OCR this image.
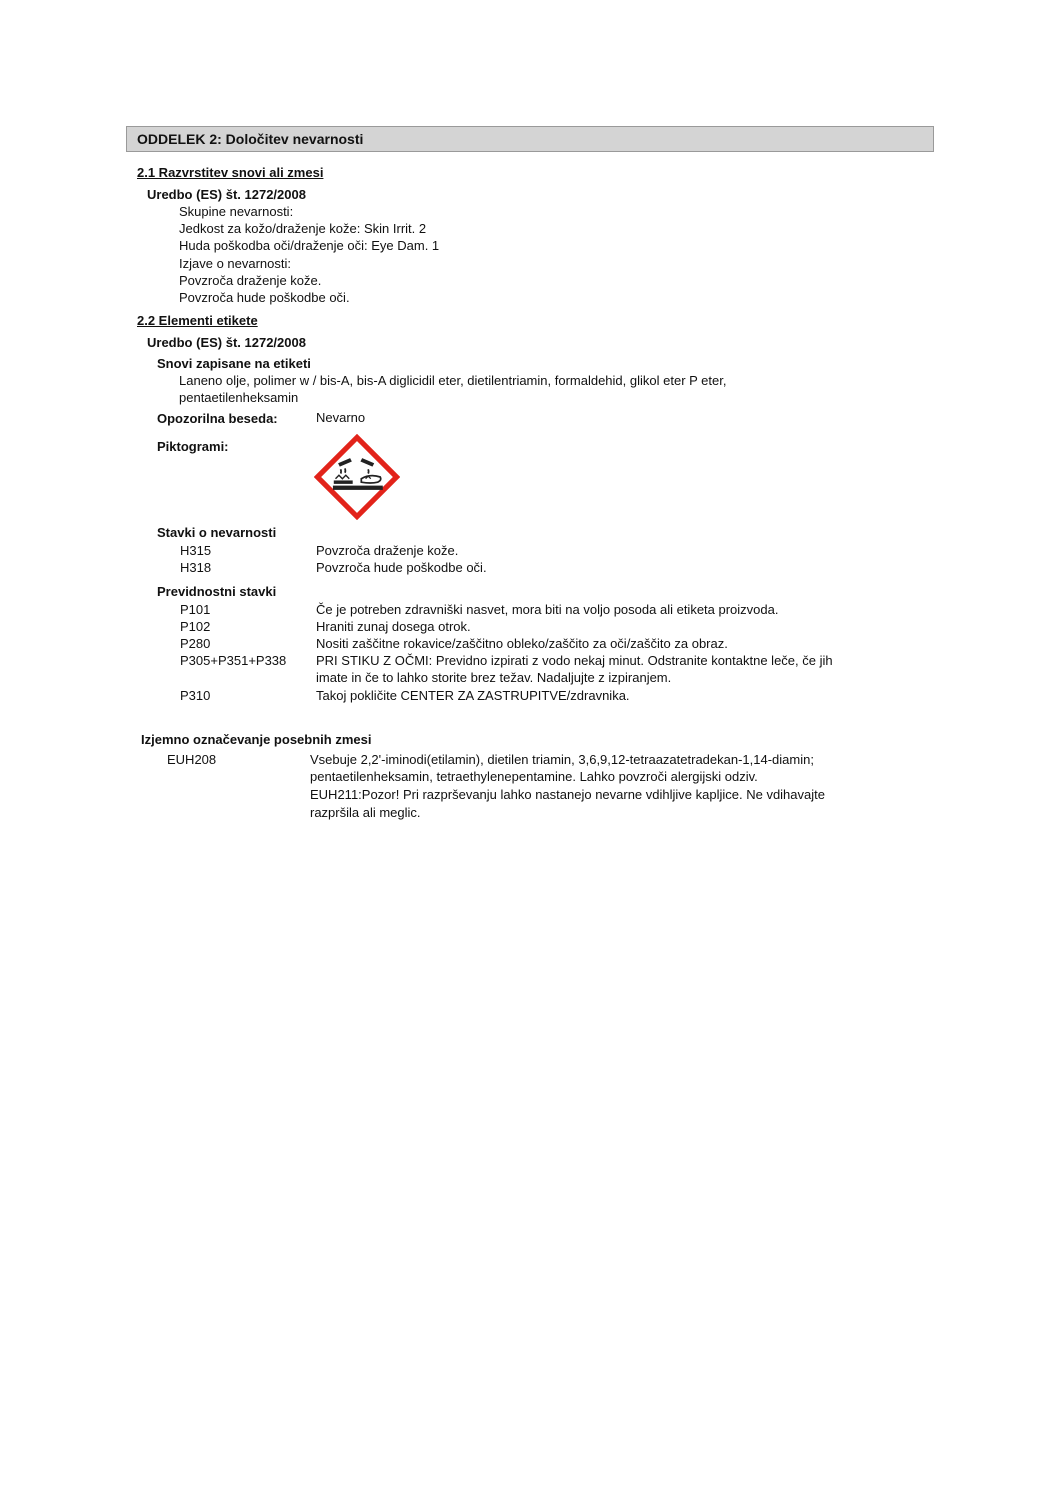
ODDELEK 2: Določitev nevarnosti
2.1 Razvrstitev snovi ali zmesi
Uredbo (ES) št. 1272/2008
Skupine nevarnosti:
Jedkost za kožo/draženje kože: Skin Irrit. 2
Huda poškodba oči/draženje oči: Eye Dam. 1
Izjave o nevarnosti:
Povzroča draženje kože.
Povzroča hude poškodbe oči.
2.2 Elementi etikete
Uredbo (ES) št. 1272/2008
Snovi zapisane na etiketi
Laneno olje, polimer w / bis-A, bis-A diglicidil eter, dietilentriamin, formaldehid, glikol eter P eter,
pentaetilenheksamin
Opozorilna beseda:	Nevarno
Piktogrami:
Stavki o nevarnosti
H315	Povzroča draženje kože.
H318	Povzroča hude poškodbe oči.
Previdnostni stavki
P101	Če je potreben zdravniški nasvet, mora biti na voljo posoda ali etiketa proizvoda.
P102	Hraniti zunaj dosega otrok.
P280	Nositi zaščitne rokavice/zaščitno obleko/zaščito za oči/zaščito za obraz.
P305+P351+P338 PRI STIKU Z OČMI: Previdno izpirati z vodo nekaj minut. Odstranite kontaktne leče, če jih
imate in če to lahko storite brez težav. Nadaljujte z izpiranjem.
P310	Takoj pokličite CENTER ZA ZASTRUPITVE/zdravnika.
Izjemno označevanje posebnih zmesi
EUH208	Vsebuje 2,2'-iminodi(etilamin), dietilen triamin, 3,6,9,12-tetraazatetradekan-1,14-diamin;
pentaetilenheksamin, tetraethylenepentamine. Lahko povzroči alergijski odziv.
EUH211:Pozor! Pri razprševanju lahko nastanejo nevarne vdihljive kapljice. Ne vdihavajte
razpršila ali meglic.
